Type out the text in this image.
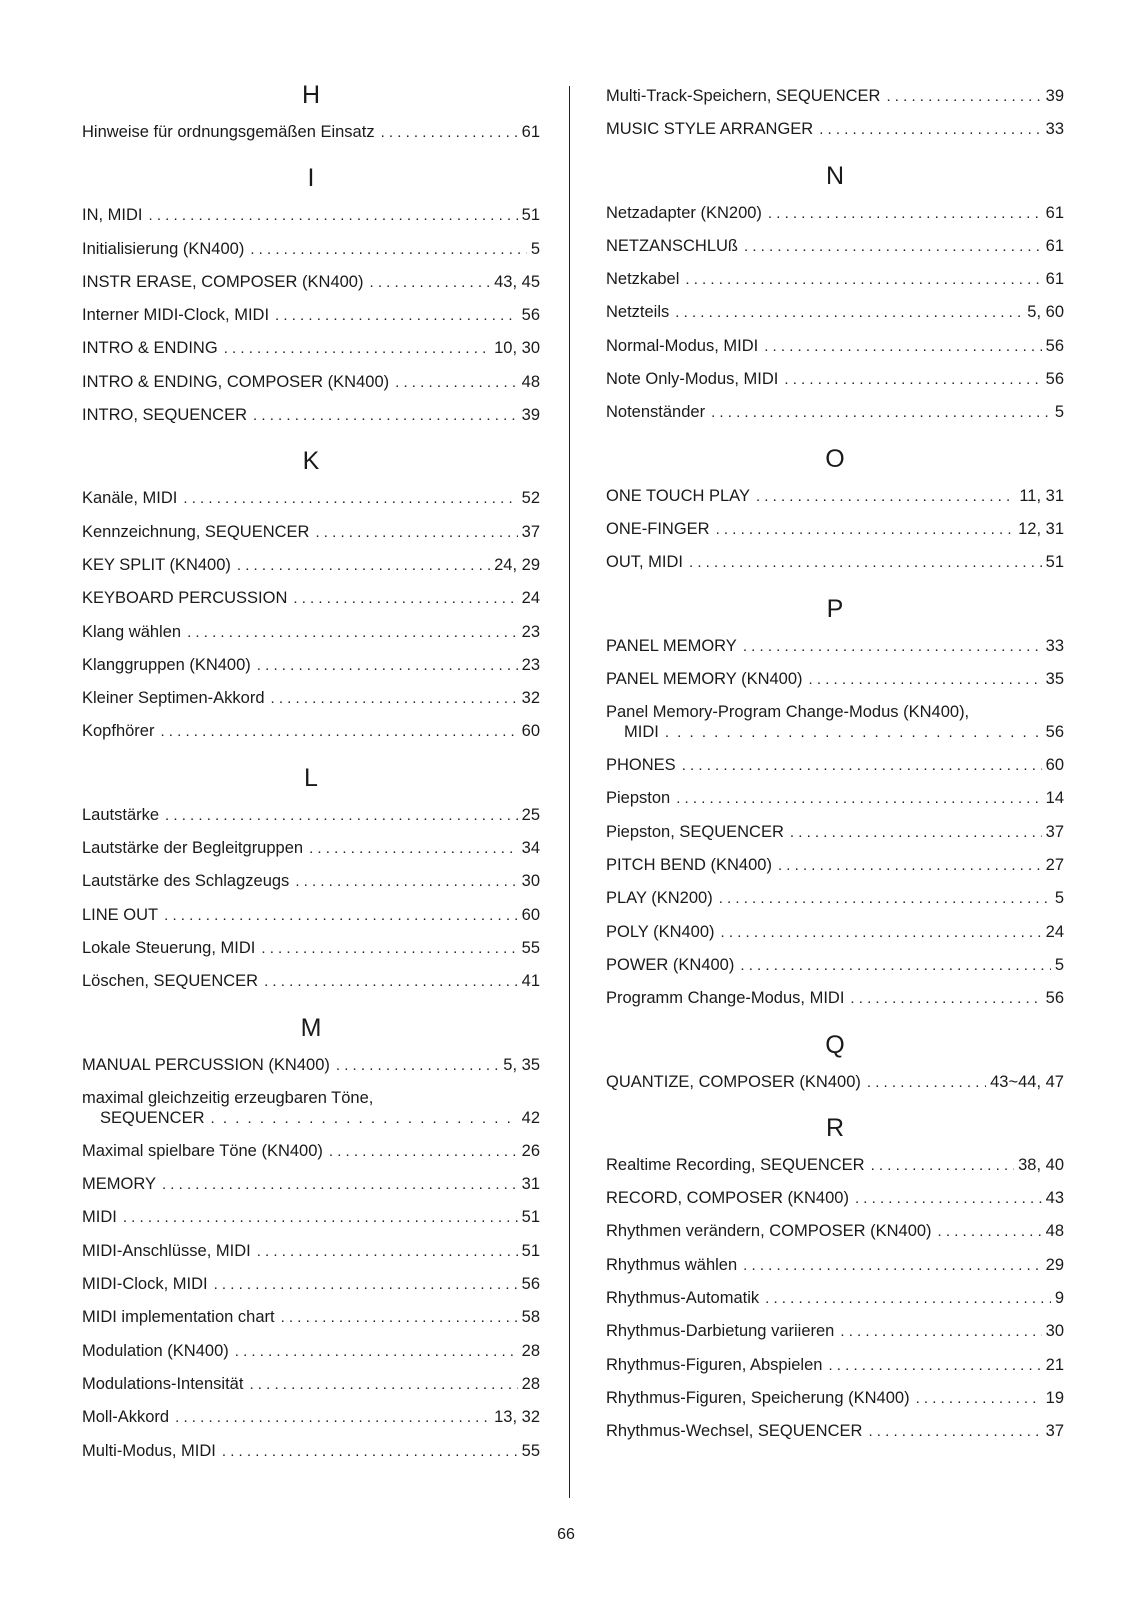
H
Hinweise für ordnungsgemäßen Einsatz . . .	61
I
IN, MIDI . . .	51
Initialisierung (KN400) . . .	5
INSTR ERASE, COMPOSER (KN400) . . .	43, 45
Interner MIDI-Clock, MIDI . . .	56
INTRO & ENDING . . .	10, 30
INTRO & ENDING, COMPOSER (KN400) . . .	48
INTRO, SEQUENCER . . .	39
K
Kanäle, MIDI . . .	52
Kennzeichnung, SEQUENCER . . .	37
KEY SPLIT (KN400) . . .	24, 29
KEYBOARD PERCUSSION . . .	24
Klang wählen . . .	23
Klanggruppen (KN400) . . .	23
Kleiner Septimen-Akkord . . .	32
Kopfhörer . . .	60
L
Lautstärke . . .	25
Lautstärke der Begleitgruppen . . .	34
Lautstärke des Schlagzeugs . . .	30
LINE OUT . . .	60
Lokale Steuerung, MIDI . . .	55
Löschen, SEQUENCER . . .	41
M
MANUAL PERCUSSION (KN400) . . .	5, 35
maximal gleichzeitig erzeugbaren Töne,
SEQUENCER . . .	42
Maximal spielbare Töne (KN400) . . .	26
MEMORY . . .	31
MIDI . . .	51
MIDI-Anschlüsse, MIDI . . .	51
MIDI-Clock, MIDI . . .	56
MIDI implementation chart . . .	58
Modulation (KN400) . . .	28
Modulations-Intensität . . .	28
Moll-Akkord . . .	13, 32
Multi-Modus, MIDI . . .	55
Multi-Track-Speichern, SEQUENCER . . .	39
MUSIC STYLE ARRANGER . . .	33
N
Netzadapter (KN200) . . .	61
NETZANSCHLUß . . .	61
Netzkabel . . .	61
Netzteils . . .	5, 60
Normal-Modus, MIDI . . .	56
Note Only-Modus, MIDI . . .	56
Notenständer . . .	5
O
ONE TOUCH PLAY . . .	11, 31
ONE-FINGER . . .	12, 31
OUT, MIDI . . .	51
P
PANEL MEMORY . . .	33
PANEL MEMORY (KN400) . . .	35
Panel Memory-Program Change-Modus (KN400),
MIDI . . .	56
PHONES . . .	60
Piepston . . .	14
Piepston, SEQUENCER . . .	37
PITCH BEND (KN400) . . .	27
PLAY (KN200) . . .	5
POLY (KN400) . . .	24
POWER (KN400) . . .	5
Programm Change-Modus, MIDI . . .	56
Q
QUANTIZE, COMPOSER (KN400) . . .	43~44, 47
R
Realtime Recording, SEQUENCER . . .	38, 40
RECORD, COMPOSER (KN400) . . .	43
Rhythmen verändern, COMPOSER (KN400) . . .	48
Rhythmus wählen . . .	29
Rhythmus-Automatik . . .	9
Rhythmus-Darbietung variieren . . .	30
Rhythmus-Figuren, Abspielen . . .	21
Rhythmus-Figuren, Speicherung (KN400) . . .	19
Rhythmus-Wechsel, SEQUENCER . . .	37
66
